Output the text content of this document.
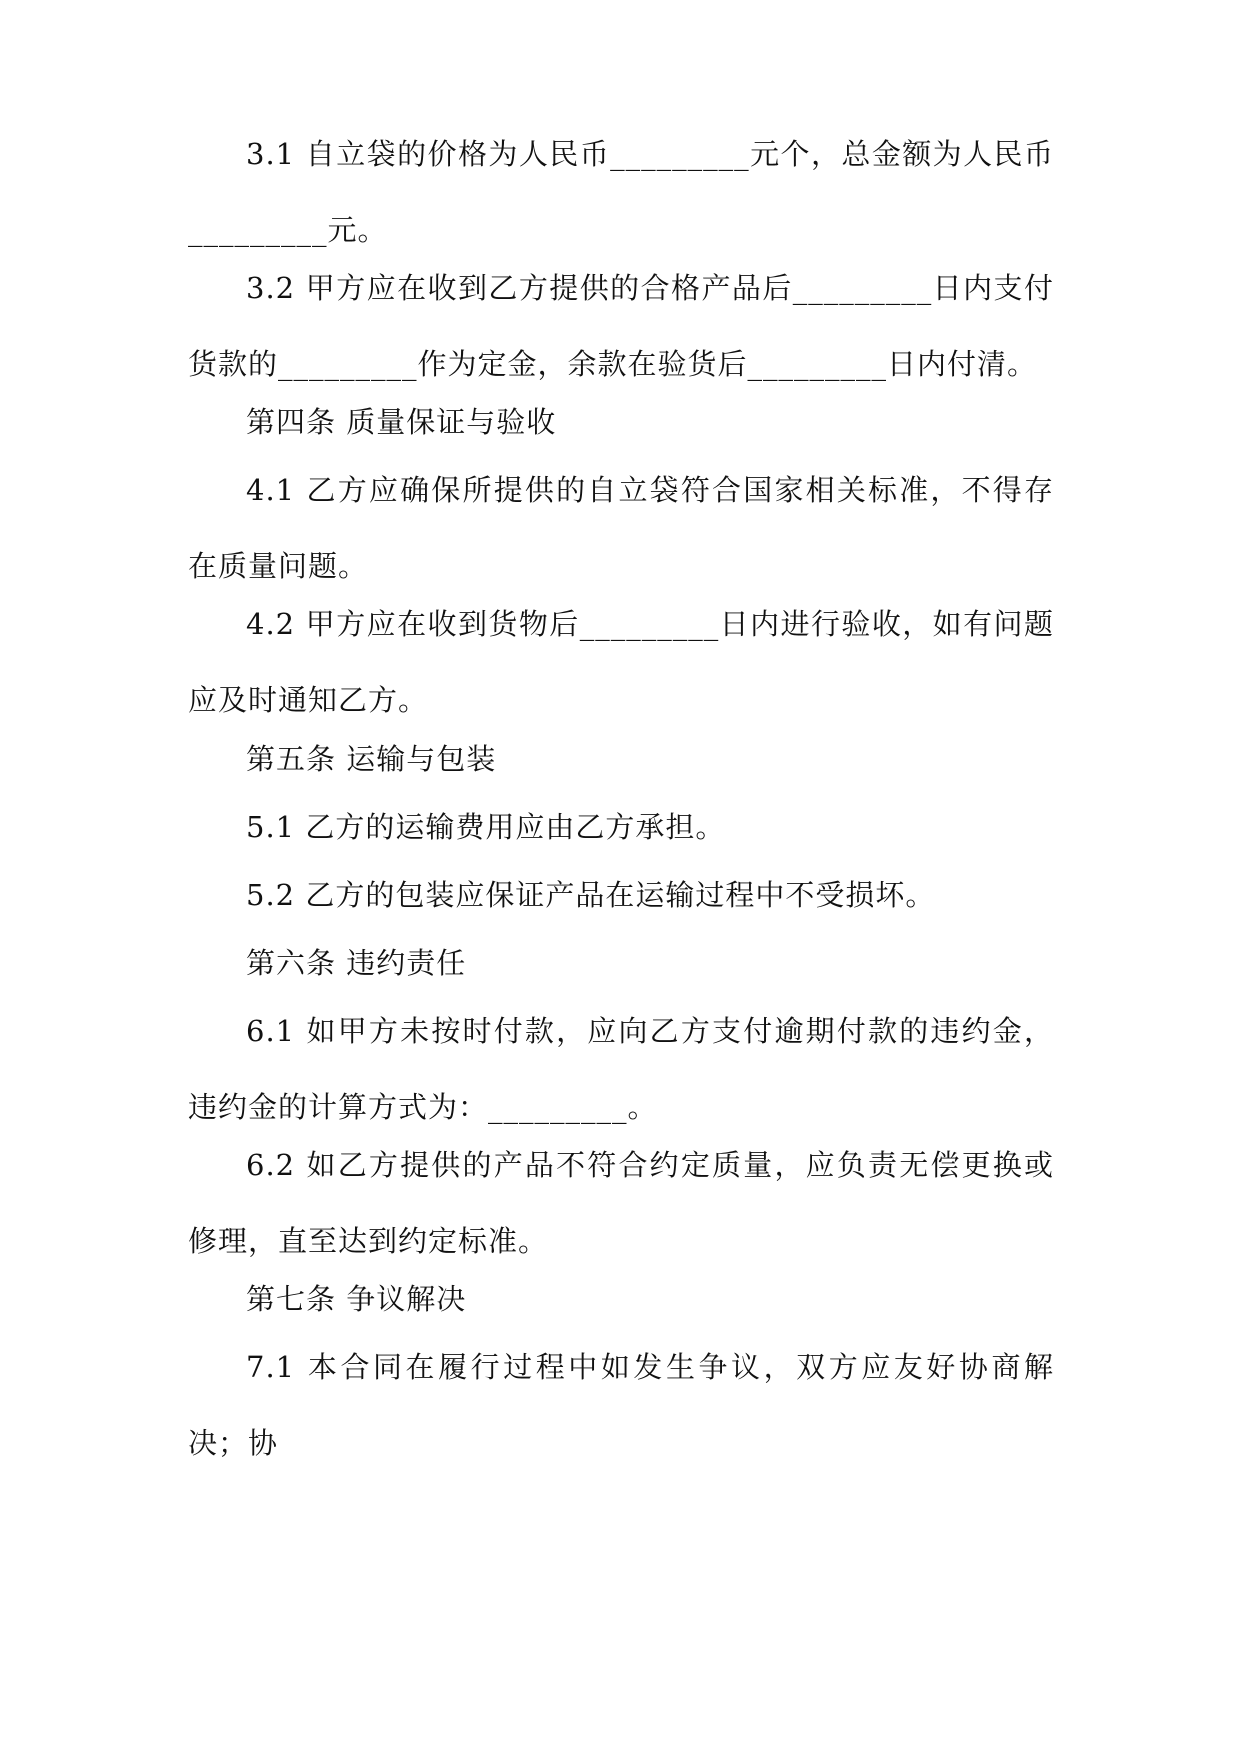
3.1 自立袋的价格为人民币_________元个，总金额为人民币_________元。

3.2 甲方应在收到乙方提供的合格产品后_________日内支付货款的_________作为定金，余款在验货后_________日内付清。

第四条 质量保证与验收

4.1 乙方应确保所提供的自立袋符合国家相关标准，不得存在质量问题。

4.2 甲方应在收到货物后_________日内进行验收，如有问题应及时通知乙方。

第五条 运输与包装

5.1 乙方的运输费用应由乙方承担。

5.2 乙方的包装应保证产品在运输过程中不受损坏。

第六条 违约责任

6.1 如甲方未按时付款，应向乙方支付逾期付款的违约金，违约金的计算方式为：_________。

6.2 如乙方提供的产品不符合约定质量，应负责无偿更换或修理，直至达到约定标准。

第七条 争议解决

7.1 本合同在履行过程中如发生争议，双方应友好协商解决；协
